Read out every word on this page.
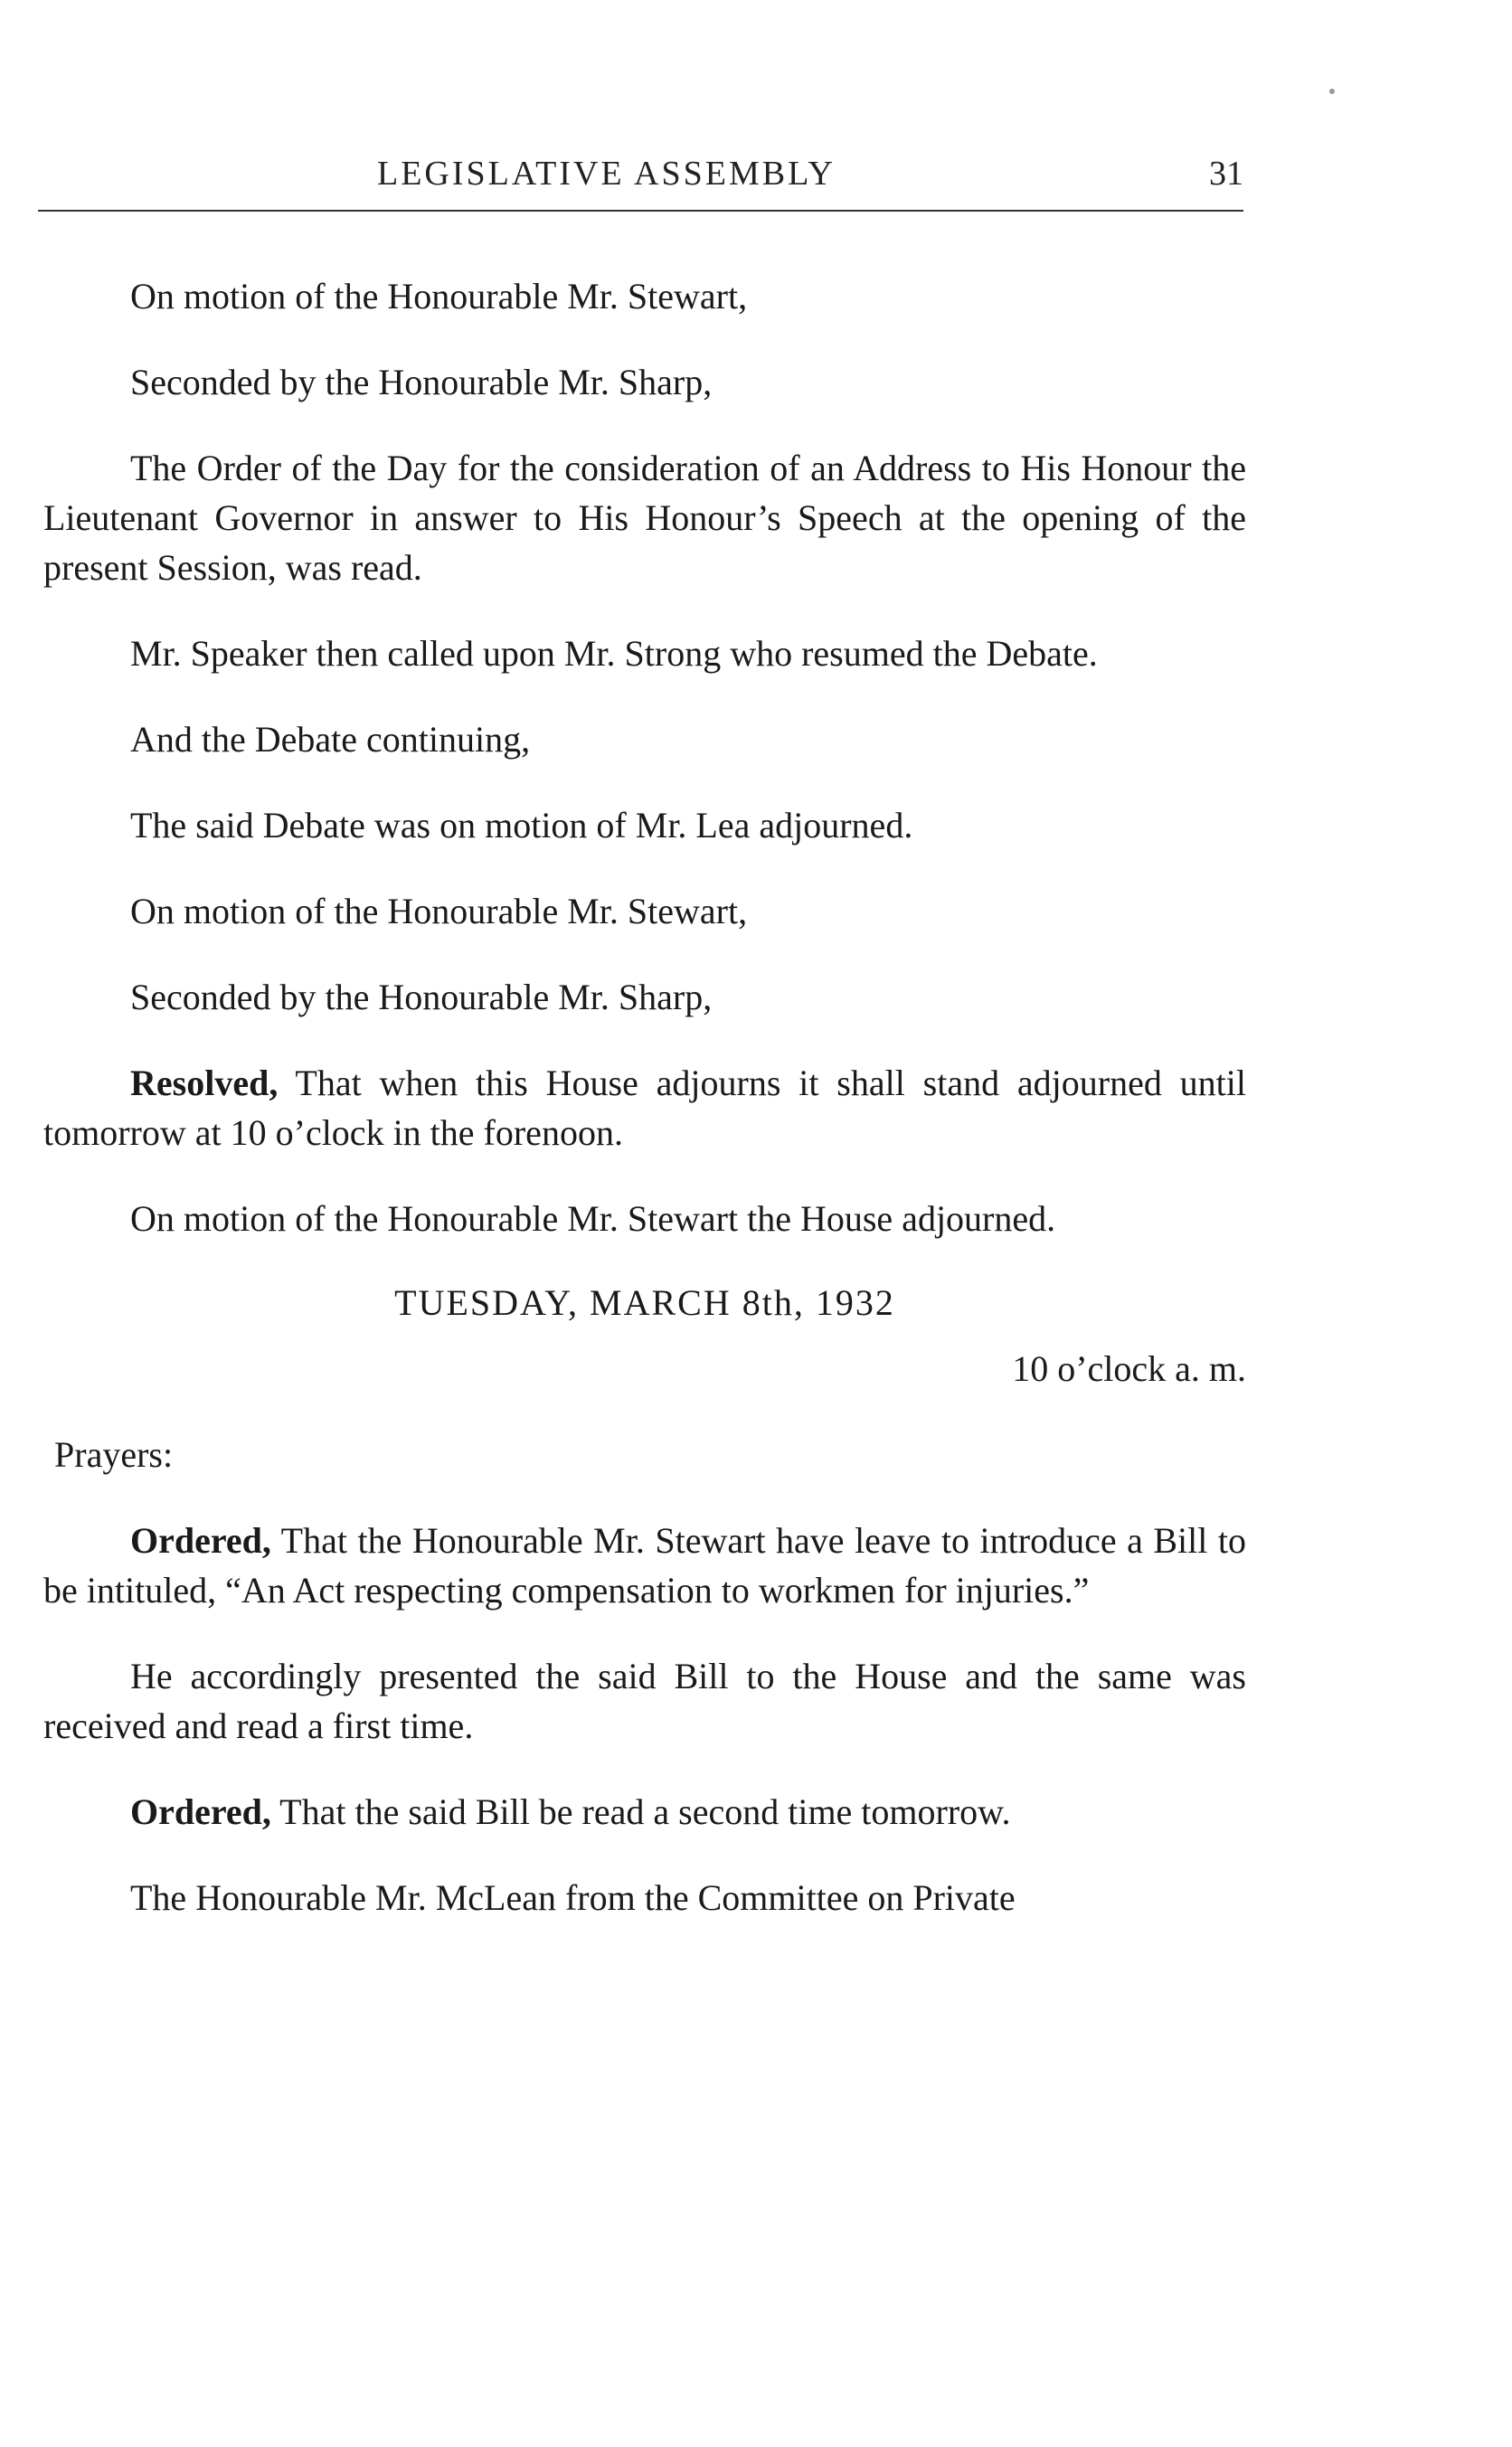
LEGISLATIVE ASSEMBLY	31

On motion of the Honourable Mr. Stewart,

Seconded by the Honourable Mr. Sharp,

The Order of the Day for the consideration of an Address to His Honour the Lieutenant Governor in answer to His Honour’s Speech at the opening of the present Session, was read.

Mr. Speaker then called upon Mr. Strong who resumed the Debate.

And the Debate continuing,

The said Debate was on motion of Mr. Lea adjourned.

On motion of the Honourable Mr. Stewart,

Seconded by the Honourable Mr. Sharp,

Resolved, That when this House adjourns it shall stand adjourned until tomorrow at 10 o’clock in the forenoon.

On motion of the Honourable Mr. Stewart the House adjourned.

TUESDAY, MARCH 8th, 1932

10 o’clock a. m.

Prayers:

Ordered, That the Honourable Mr. Stewart have leave to introduce a Bill to be intituled, “An Act respecting compensation to workmen for injuries.”

He accordingly presented the said Bill to the House and the same was received and read a first time.

Ordered, That the said Bill be read a second time tomorrow.

The Honourable Mr. McLean from the Committee on Private
